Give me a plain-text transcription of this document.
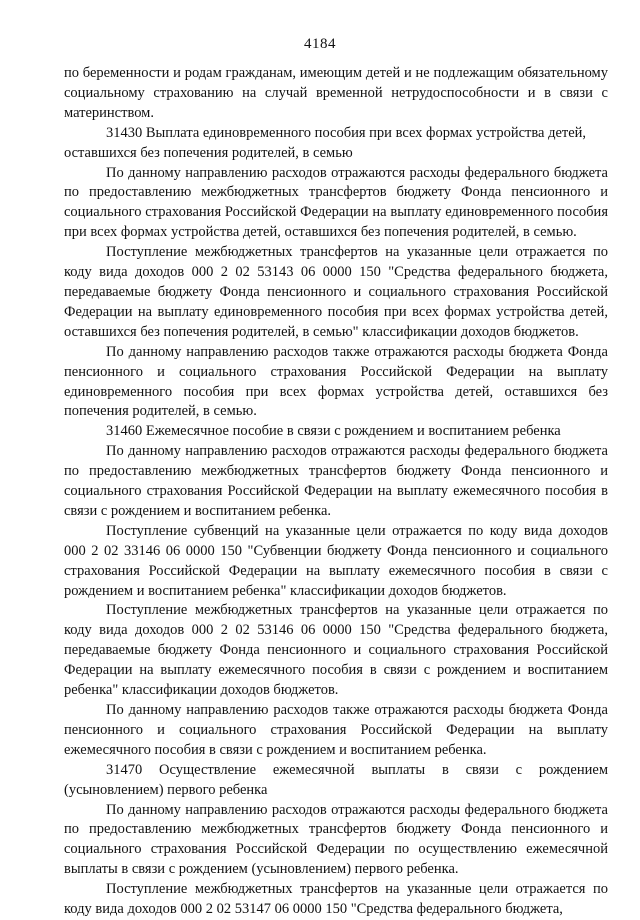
4184

по беременности и родам гражданам, имеющим детей и не подлежащим обязательному социальному страхованию на случай временной нетрудоспособности и в связи с материнством.

31430 Выплата единовременного пособия при всех формах устройства детей, оставшихся без попечения родителей, в семью

По данному направлению расходов отражаются расходы федерального бюджета по предоставлению межбюджетных трансфертов бюджету Фонда пенсионного и социального страхования Российской Федерации на выплату единовременного пособия при всех формах устройства детей, оставшихся без попечения родителей, в семью.

Поступление межбюджетных трансфертов на указанные цели отражается по коду вида доходов 000 2 02 53143 06 0000 150 "Средства федерального бюджета, передаваемые бюджету Фонда пенсионного и социального страхования Российской Федерации на выплату единовременного пособия при всех формах устройства детей, оставшихся без попечения родителей, в семью" классификации доходов бюджетов.

По данному направлению расходов также отражаются расходы бюджета Фонда пенсионного и социального страхования Российской Федерации на выплату единовременного пособия при всех формах устройства детей, оставшихся без попечения родителей, в семью.

31460 Ежемесячное пособие в связи с рождением и воспитанием ребенка

По данному направлению расходов отражаются расходы федерального бюджета по предоставлению межбюджетных трансфертов бюджету Фонда пенсионного и социального страхования Российской Федерации на выплату ежемесячного пособия в связи с рождением и воспитанием ребенка.

Поступление субвенций на указанные цели отражается по коду вида доходов 000 2 02 33146 06 0000 150 "Субвенции бюджету Фонда пенсионного и социального страхования Российской Федерации на выплату ежемесячного пособия в связи с рождением и воспитанием ребенка" классификации доходов бюджетов.

Поступление межбюджетных трансфертов на указанные цели отражается по коду вида доходов 000 2 02 53146 06 0000 150 "Средства федерального бюджета, передаваемые бюджету Фонда пенсионного и социального страхования Российской Федерации на выплату ежемесячного пособия в связи с рождением и воспитанием ребенка" классификации доходов бюджетов.

По данному направлению расходов также отражаются расходы бюджета Фонда пенсионного и социального страхования Российской Федерации на выплату ежемесячного пособия в связи с рождением и воспитанием ребенка.

31470 Осуществление ежемесячной выплаты в связи с рождением (усыновлением) первого ребенка

По данному направлению расходов отражаются расходы федерального бюджета по предоставлению межбюджетных трансфертов бюджету Фонда пенсионного и социального страхования Российской Федерации по осуществлению ежемесячной выплаты в связи с рождением (усыновлением) первого ребенка.

Поступление межбюджетных трансфертов на указанные цели отражается по коду вида доходов 000 2 02 53147 06 0000 150 "Средства федерального бюджета,
